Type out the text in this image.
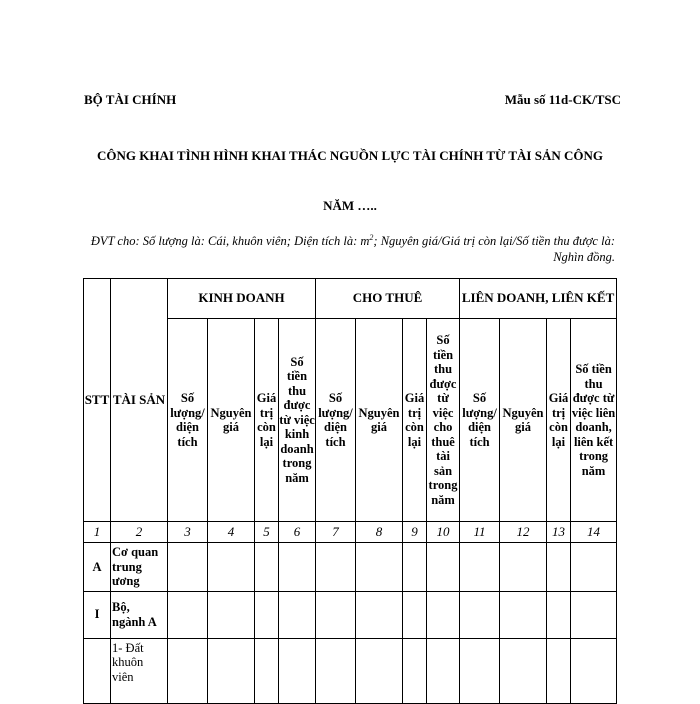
BỘ TÀI CHÍNH	Mẫu số 11d-CK/TSC
CÔNG KHAI TÌNH HÌNH KHAI THÁC NGUỒN LỰC TÀI CHÍNH TỪ TÀI SẢN CÔNG
NĂM …..
ĐVT cho: Số lượng là: Cái, khuôn viên; Diện tích là: $m^2$; Nguyên giá/Giá trị còn lại/Số tiền thu được là: Nghìn đồng.
STT	TÀI SẢN	KINH DOANH				CHO THUÊ				LIÊN DOANH, LIÊN KẾT			
		Số lượng/ diện tích	Nguyên giá	Giá trị còn lại	Số tiền thu được từ việc kinh doanh trong năm	Số lượng/ diện tích	Nguyên giá	Giá trị còn lại	Số tiền thu được từ việc cho thuê tài sản trong năm	Số lượng/ diện tích	Nguyên giá	Giá trị còn lại	Số tiền thu được từ việc liên doanh, liên kết trong năm
1	2	3	4	5	6	7	8	9	10	11	12	13	14
A	Cơ quan trung ương												
I	Bộ, ngành A												
	1- Đất khuôn viên												
